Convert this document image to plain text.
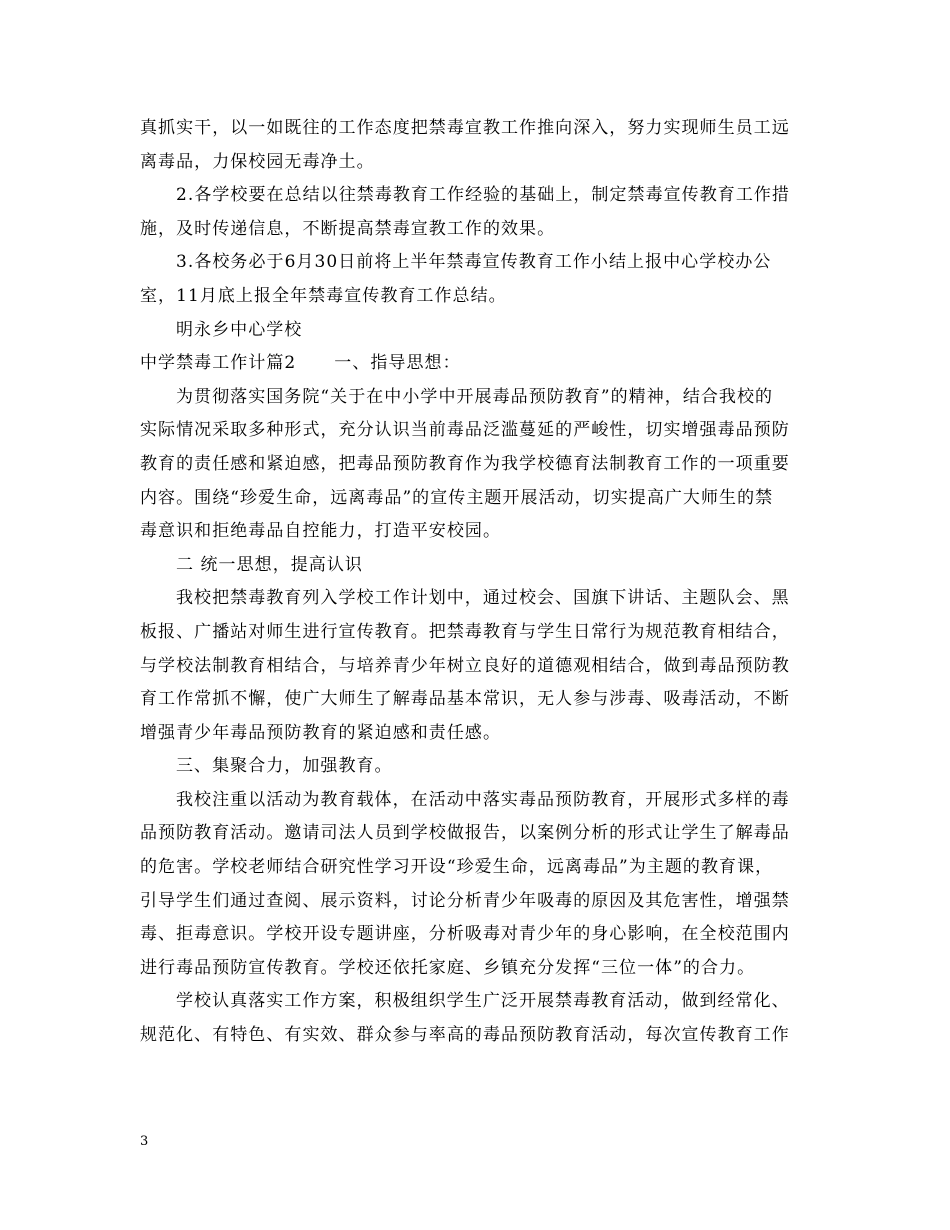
真抓实干，以一如既往的工作态度把禁毒宣教工作推向深入，努力实现师生员工远
离毒品，力保校园无毒净土。
2.各学校要在总结以往禁毒教育工作经验的基础上，制定禁毒宣传教育工作措
施，及时传递信息，不断提高禁毒宣教工作的效果。
3.各校务必于6月30日前将上半年禁毒宣传教育工作小结上报中心学校办公
室，11月底上报全年禁毒宣传教育工作总结。
明永乡中心学校
中学禁毒工作计篇2 一、指导思想：
为贯彻落实国务院“关于在中小学中开展毒品预防教育”的精神，结合我校的
实际情况采取多种形式，充分认识当前毒品泛滥蔓延的严峻性，切实增强毒品预防
教育的责任感和紧迫感，把毒品预防教育作为我学校德育法制教育工作的一项重要
内容。围绕“珍爱生命，远离毒品”的宣传主题开展活动，切实提高广大师生的禁
毒意识和拒绝毒品自控能力，打造平安校园。
二 统一思想，提高认识
我校把禁毒教育列入学校工作计划中，通过校会、国旗下讲话、主题队会、黑
板报、广播站对师生进行宣传教育。把禁毒教育与学生日常行为规范教育相结合，
与学校法制教育相结合，与培养青少年树立良好的道德观相结合，做到毒品预防教
育工作常抓不懈，使广大师生了解毒品基本常识，无人参与涉毒、吸毒活动，不断
增强青少年毒品预防教育的紧迫感和责任感。
三、集聚合力，加强教育。
我校注重以活动为教育载体，在活动中落实毒品预防教育，开展形式多样的毒
品预防教育活动。邀请司法人员到学校做报告，以案例分析的形式让学生了解毒品
的危害。学校老师结合研究性学习开设“珍爱生命，远离毒品”为主题的教育课，
引导学生们通过查阅、展示资料，讨论分析青少年吸毒的原因及其危害性，增强禁
毒、拒毒意识。学校开设专题讲座，分析吸毒对青少年的身心影响，在全校范围内
进行毒品预防宣传教育。学校还依托家庭、乡镇充分发挥“三位一体”的合力。
学校认真落实工作方案，积极组织学生广泛开展禁毒教育活动，做到经常化、
规范化、有特色、有实效、群众参与率高的毒品预防教育活动，每次宣传教育工作
3
